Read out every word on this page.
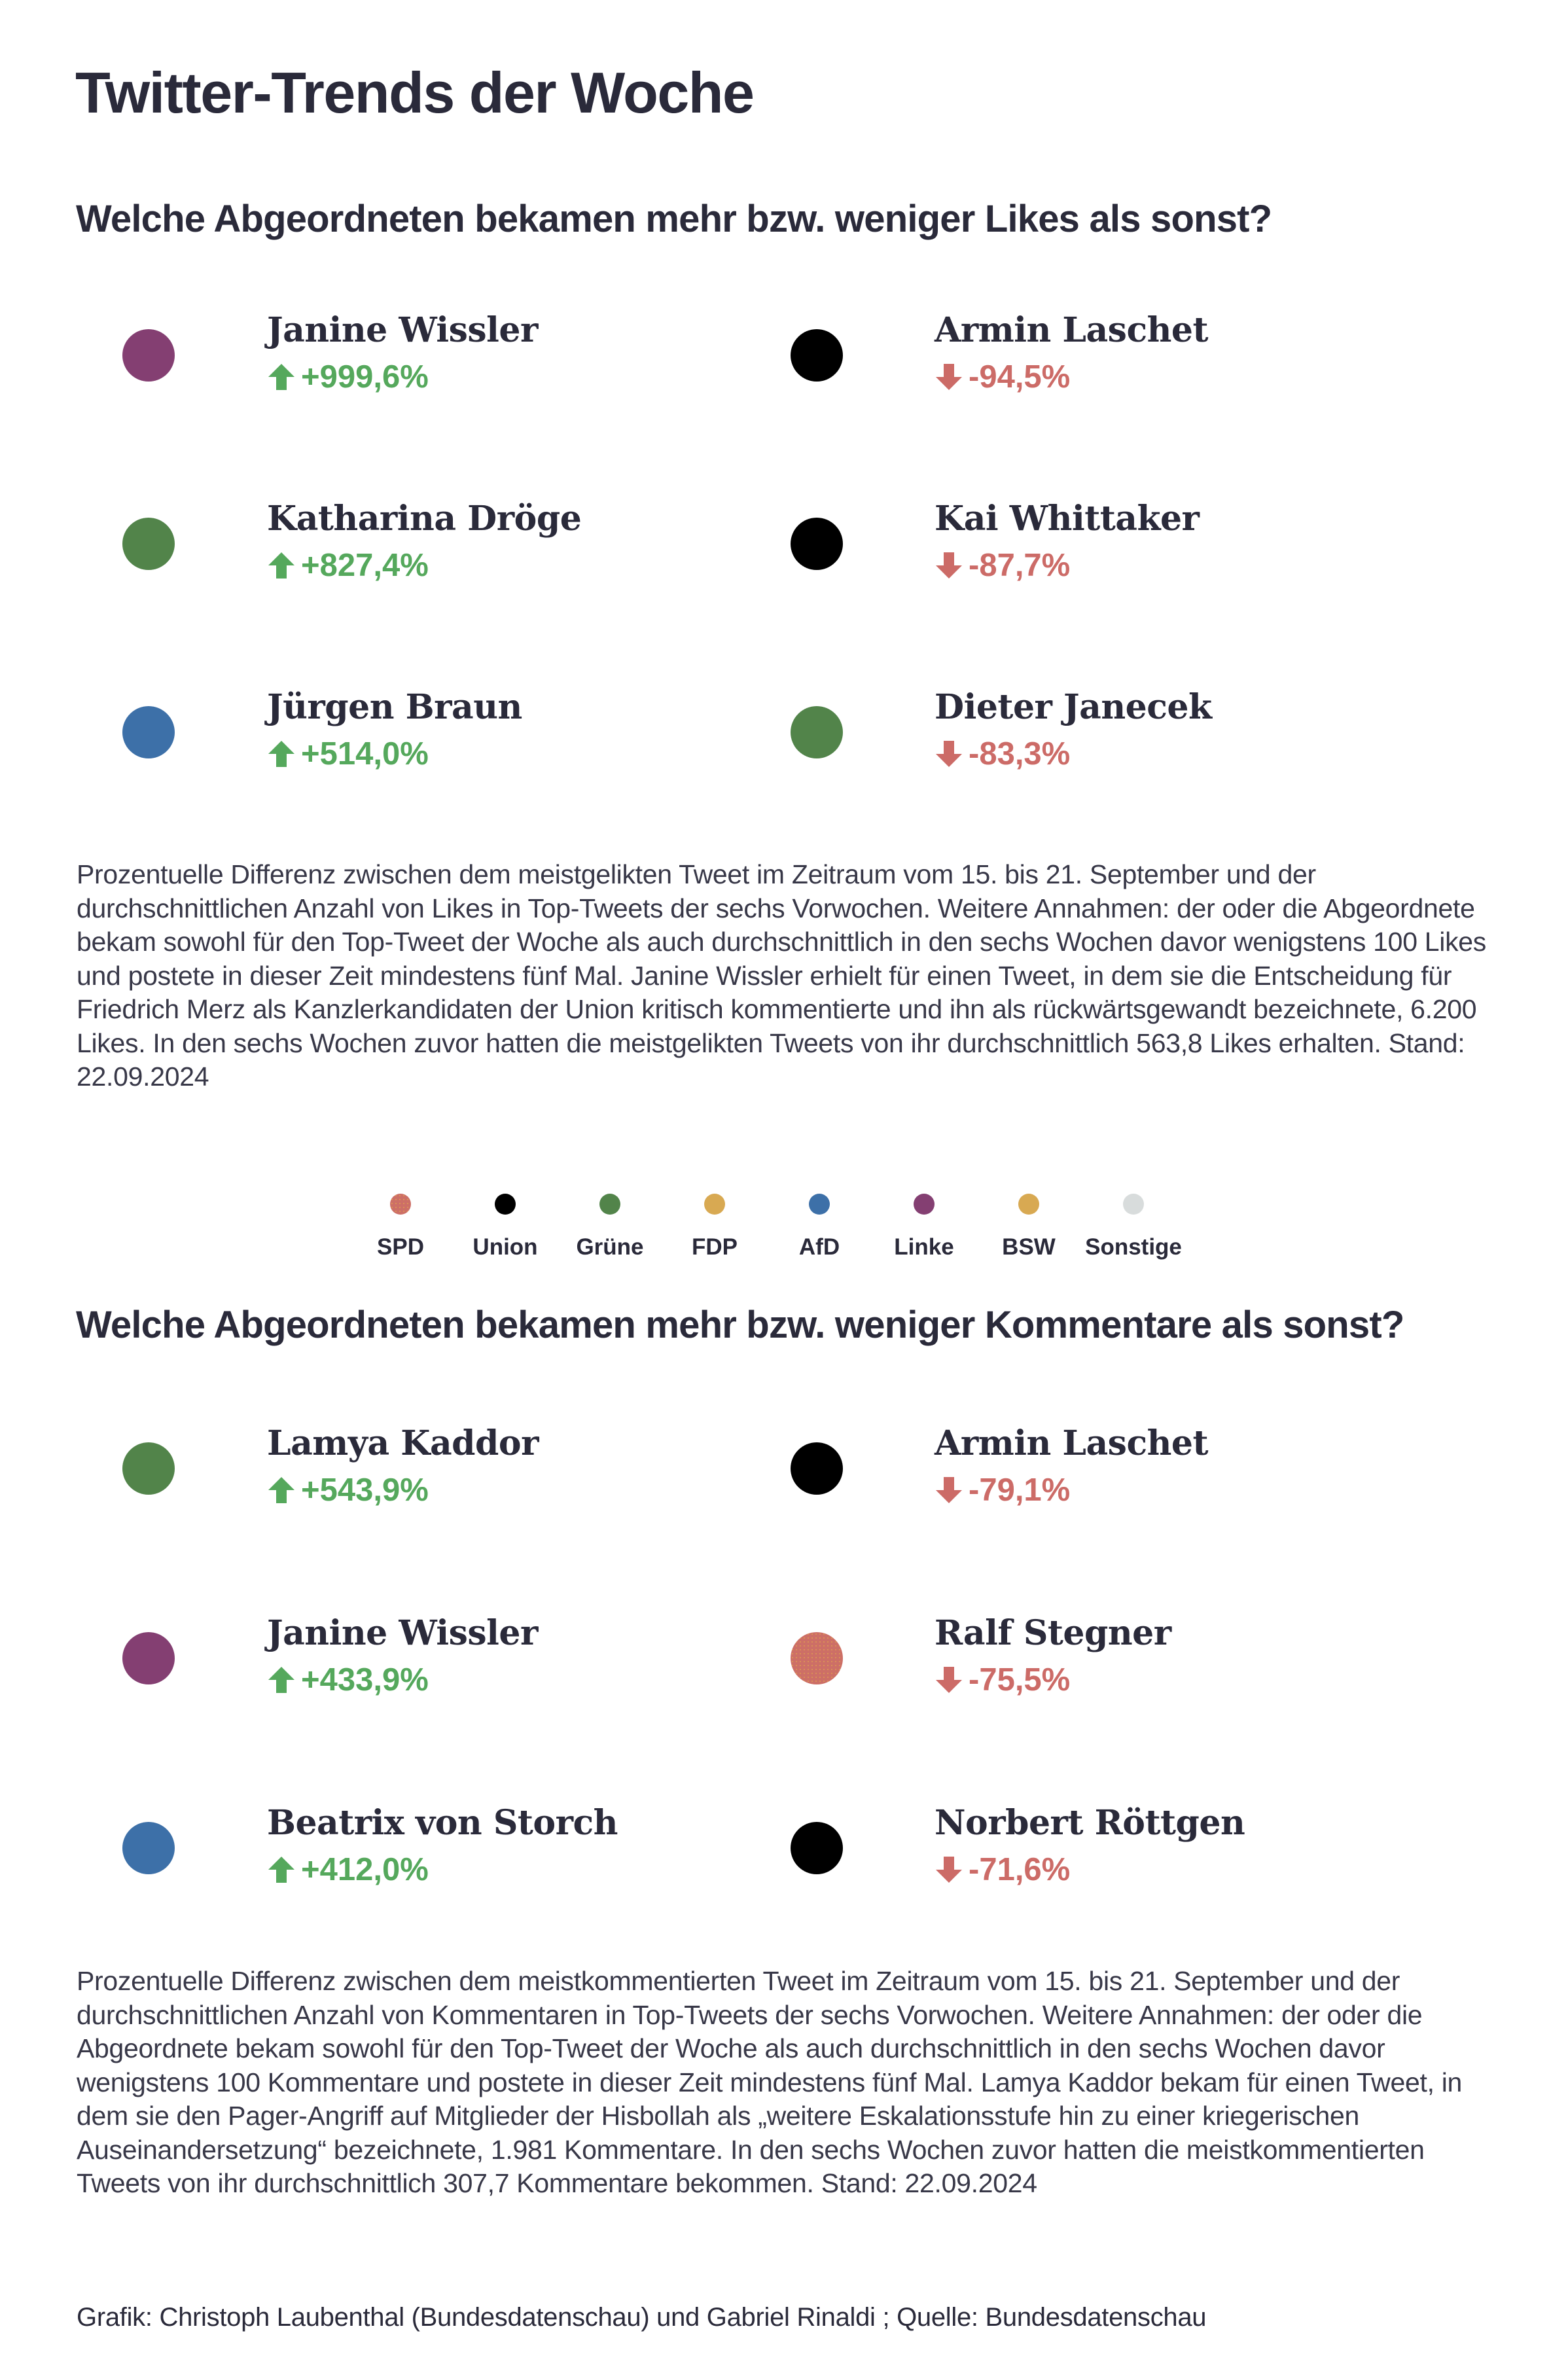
Twitter-Trends der Woche
Welche Abgeordneten bekamen mehr bzw. weniger Likes als sonst?
Janine Wissler
+999,6%
Katharina Dröge
+827,4%
Jürgen Braun
+514,0%
Armin Laschet
-94,5%
Kai Whittaker
-87,7%
Dieter Janecek
-83,3%
Prozentuelle Differenz zwischen dem meistgelikten Tweet im Zeitraum vom 15. bis 21. September und der durchschnittlichen Anzahl von Likes in Top-Tweets der sechs Vorwochen. Weitere Annahmen: der oder die Abgeordnete bekam sowohl für den Top-Tweet der Woche als auch durchschnittlich in den sechs Wochen davor wenigstens 100 Likes und postete in dieser Zeit mindestens fünf Mal. Janine Wissler erhielt für einen Tweet, in dem sie die Entscheidung für Friedrich Merz als Kanzlerkandidaten der Union kritisch kommentierte und ihn als rückwärtsgewandt bezeichnete, 6.200 Likes. In den sechs Wochen zuvor hatten die meistgelikten Tweets von ihr durchschnittlich 563,8 Likes erhalten. Stand: 22.09.2024
SPD	Union	Grüne	FDP	AfD	Linke	BSW	Sonstige
Welche Abgeordneten bekamen mehr bzw. weniger Kommentare als sonst?
Lamya Kaddor
+543,9%
Janine Wissler
+433,9%
Beatrix von Storch
+412,0%
Armin Laschet
-79,1%
Ralf Stegner
-75,5%
Norbert Röttgen
-71,6%
Prozentuelle Differenz zwischen dem meistkommentierten Tweet im Zeitraum vom 15. bis 21. September und der durchschnittlichen Anzahl von Kommentaren in Top-Tweets der sechs Vorwochen. Weitere Annahmen: der oder die Abgeordnete bekam sowohl für den Top-Tweet der Woche als auch durchschnittlich in den sechs Wochen davor wenigstens 100 Kommentare und postete in dieser Zeit mindestens fünf Mal. Lamya Kaddor bekam für einen Tweet, in dem sie den Pager-Angriff auf Mitglieder der Hisbollah als „weitere Eskalationsstufe hin zu einer kriegerischen Auseinandersetzung“ bezeichnete, 1.981 Kommentare. In den sechs Wochen zuvor hatten die meistkommentierten Tweets von ihr durchschnittlich 307,7 Kommentare bekommen. Stand: 22.09.2024
Grafik: Christoph Laubenthal (Bundesdatenschau) und Gabriel Rinaldi ; Quelle: Bundesdatenschau
